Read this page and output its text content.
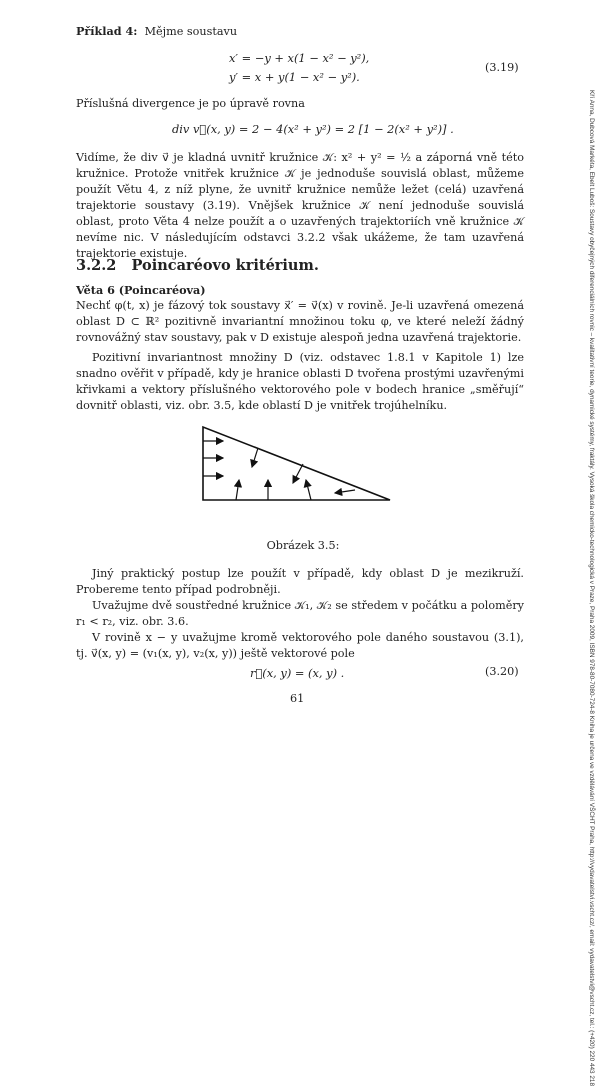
Příklad 4: Mějme soustavu
x′ = −y + x(1 − x² − y²),
y′ = x + y(1 − x² − y²).
(3.19)
Příslušná divergence je po úpravě rovna
div v⃗(x, y) = 2 − 4(x² + y²) = 2 [1 − 2(x² + y²)] .
Vidíme, že div v⃗ je kladná uvnitř kružnice 𝒦: x² + y² = ½ a záporná vně této kružnice. Protože vnitřek kružnice 𝒦 je jednoduše souvislá oblast, můžeme použít Větu 4, z níž plyne, že uvnitř kružnice nemůže ležet (celá) uzavřená trajektorie soustavy (3.19). Vnějšek kružnice 𝒦 není jednoduše souvislá oblast, proto Věta 4 nelze použít a o uzavřených trajektoriích vně kružnice 𝒦 nevíme nic. V následujícím odstavci 3.2.2 však ukážeme, že tam uzavřená trajektorie existuje.
3.2.2 Poincaréovo kritérium.
Věta 6 (Poincaréova)
Nechť φ(t, x) je fázový tok soustavy x⃗′ = v⃗(x) v rovině. Je-li uzavřená omezená oblast D ⊂ ℝ² pozitivně invariantní množinou toku φ, ve které neleží žádný rovnovážný stav soustavy, pak v D existuje alespoň jedna uzavřená trajektorie.
Pozitivní invariantnost množiny D (viz. odstavec 1.8.1 v Kapitole 1) lze snadno ověřit v případě, kdy je hranice oblasti D tvořena prostými uzavřenými křivkami a vektory příslušného vektorového pole v bodech hranice „směřují“ dovnitř oblasti, viz. obr. 3.5, kde oblastí D je vnitřek trojúhelníku.
Obrázek 3.5:
Jiný praktický postup lze použít v případě, kdy oblast D je mezikruží. Probereme tento případ podrobněji.
Uvažujme dvě soustředné kružnice 𝒦₁, 𝒦₂ se středem v počátku a poloměry r₁ < r₂, viz. obr. 3.6.
V rovině x − y uvažujme kromě vektorového pole daného soustavou (3.1), tj. v⃗(x, y) = (v₁(x, y), v₂(x, y)) ještě vektorové pole
r⃗(x, y) = (x, y) .	(3.20)
61	Kří Anna, Dubcová Markéta, Ebelt Luboš: Soustavy obyčejných diferenciálních rovnic – kvalitativní teorie, dynamické systémy, fraktály. Vysoká škola chemicko-technologická v Praze, Praha 2009, ISBN 978-80-7080-724-8 Kniha je určena ve vzdělávání VŠCHT Praha, http://vydavatelstvi.vscht.cz/, email: vydavatelstvi@vscht.cz, tel.: (+420) 220 443 218
